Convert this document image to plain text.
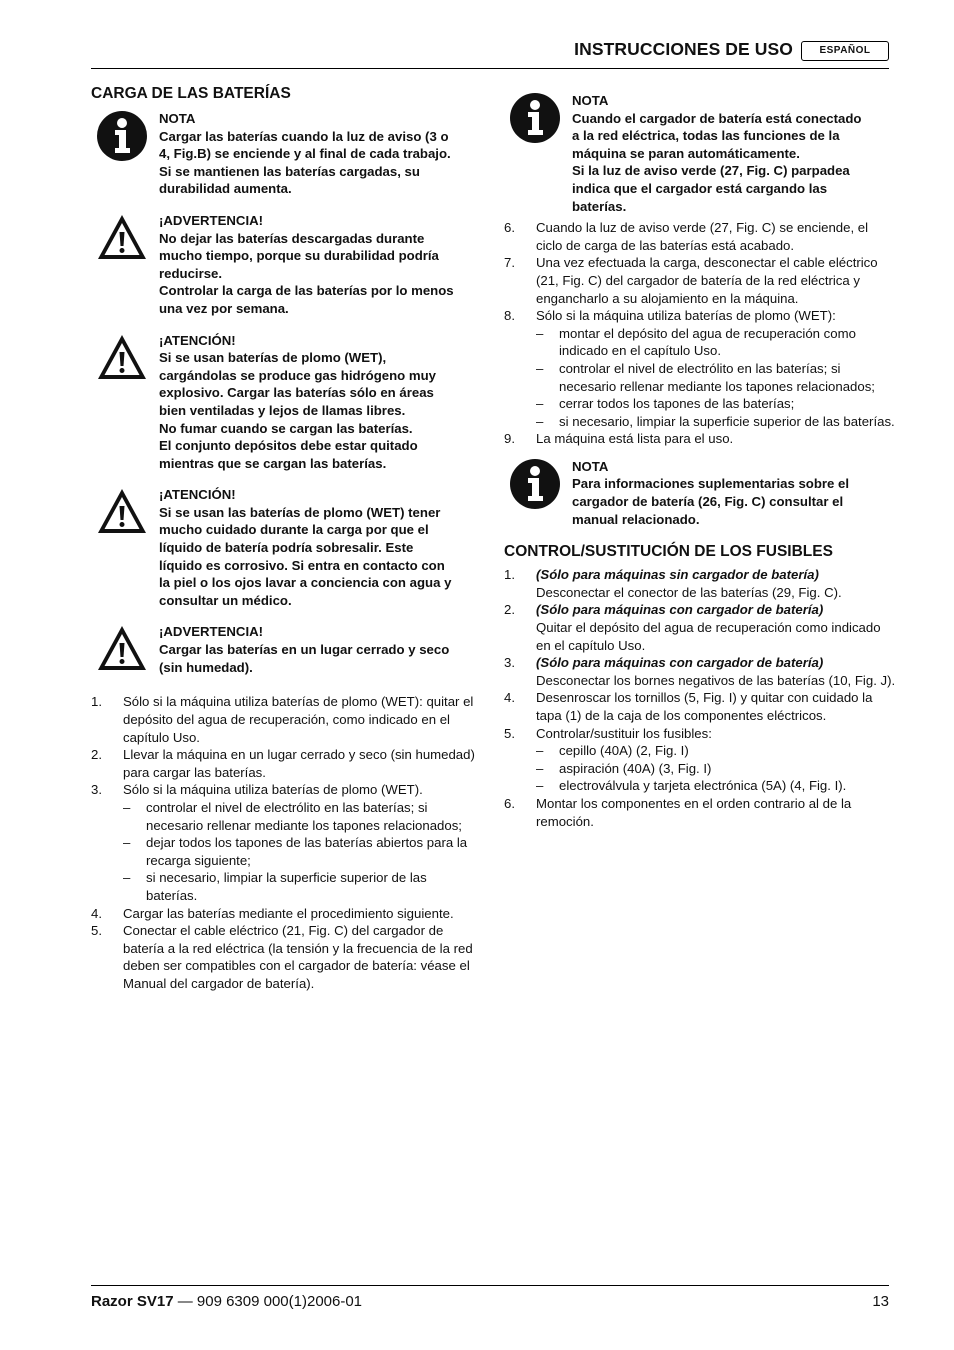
INSTRUCCIONES DE USO	ESPAÑOL
CARGA DE LAS BATERÍAS
NOTA
Cargar las baterías cuando la luz de aviso (3 o
4, Fig.B) se enciende y al final de cada trabajo.
Si se mantienen las baterías cargadas, su
durabilidad aumenta.
¡ADVERTENCIA!
No dejar las baterías descargadas durante
mucho tiempo, porque su durabilidad podría
reducirse.
Controlar la carga de las baterías por lo menos
una vez por semana.
¡ATENCIÓN!
Si se usan baterías de plomo (WET),
cargándolas se produce gas hidrógeno muy
explosivo. Cargar las baterías sólo en áreas
bien ventiladas y lejos de llamas libres.
No fumar cuando se cargan las baterías.
El conjunto depósitos debe estar quitado
mientras que se cargan las baterías.
¡ATENCIÓN!
Si se usan las baterías de plomo (WET) tener
mucho cuidado durante la carga por que el
líquido de batería podría sobresalir. Este
líquido es corrosivo. Si entra en contacto con
la piel o los ojos lavar a conciencia con agua y
consultar un médico.
¡ADVERTENCIA!
Cargar las baterías en un lugar cerrado y seco
(sin humedad).
1. Sólo si la máquina utiliza baterías de plomo (WET): quitar el depósito del agua de recuperación, como indicado en el capítulo Uso.
2. Llevar la máquina en un lugar cerrado y seco (sin humedad) para cargar las baterías.
3. Sólo si la máquina utiliza baterías de plomo (WET).
– controlar el nivel de electrólito en las baterías; si necesario rellenar mediante los tapones relacionados;
– dejar todos los tapones de las baterías abiertos para la recarga siguiente;
– si necesario, limpiar la superficie superior de las baterías.
4. Cargar las baterías mediante el procedimiento siguiente.
5. Conectar el cable eléctrico (21, Fig. C) del cargador de batería a la red eléctrica (la tensión y la frecuencia de la red deben ser compatibles con el cargador de batería: véase el Manual del cargador de batería).
NOTA
Cuando el cargador de batería está conectado
a la red eléctrica, todas las funciones de la
máquina se paran automáticamente.
Si la luz de aviso verde (27, Fig. C) parpadea
indica que el cargador está cargando las
baterías.
6. Cuando la luz de aviso verde (27, Fig. C) se enciende, el ciclo de carga de las baterías está acabado.
7. Una vez efectuada la carga, desconectar el cable eléctrico (21, Fig. C) del cargador de batería de la red eléctrica y engancharlo a su alojamiento en la máquina.
8. Sólo si la máquina utiliza baterías de plomo (WET):
– montar el depósito del agua de recuperación como indicado en el capítulo Uso.
– controlar el nivel de electrólito en las baterías; si necesario rellenar mediante los tapones relacionados;
– cerrar todos los tapones de las baterías;
– si necesario, limpiar la superficie superior de las baterías.
9. La máquina está lista para el uso.
NOTA
Para informaciones suplementarias sobre el
cargador de batería (26, Fig. C) consultar el
manual relacionado.
CONTROL/SUSTITUCIÓN DE LOS FUSIBLES
1. (Sólo para máquinas sin cargador de batería)
Desconectar el conector de las baterías (29, Fig. C).
2. (Sólo para máquinas con cargador de batería)
Quitar el depósito del agua de recuperación como indicado en el capítulo Uso.
3. (Sólo para máquinas con cargador de batería)
Desconectar los bornes negativos de las baterías (10, Fig. J).
4. Desenroscar los tornillos (5, Fig. I) y quitar con cuidado la tapa (1) de la caja de los componentes eléctricos.
5. Controlar/sustituir los fusibles:
– cepillo (40A) (2, Fig. I)
– aspiración (40A) (3, Fig. I)
– electroválvula y tarjeta electrónica (5A) (4, Fig. I).
6. Montar los componentes en el orden contrario al de la remoción.
Razor SV17 — 909 6309 000(1)2006-01	13
